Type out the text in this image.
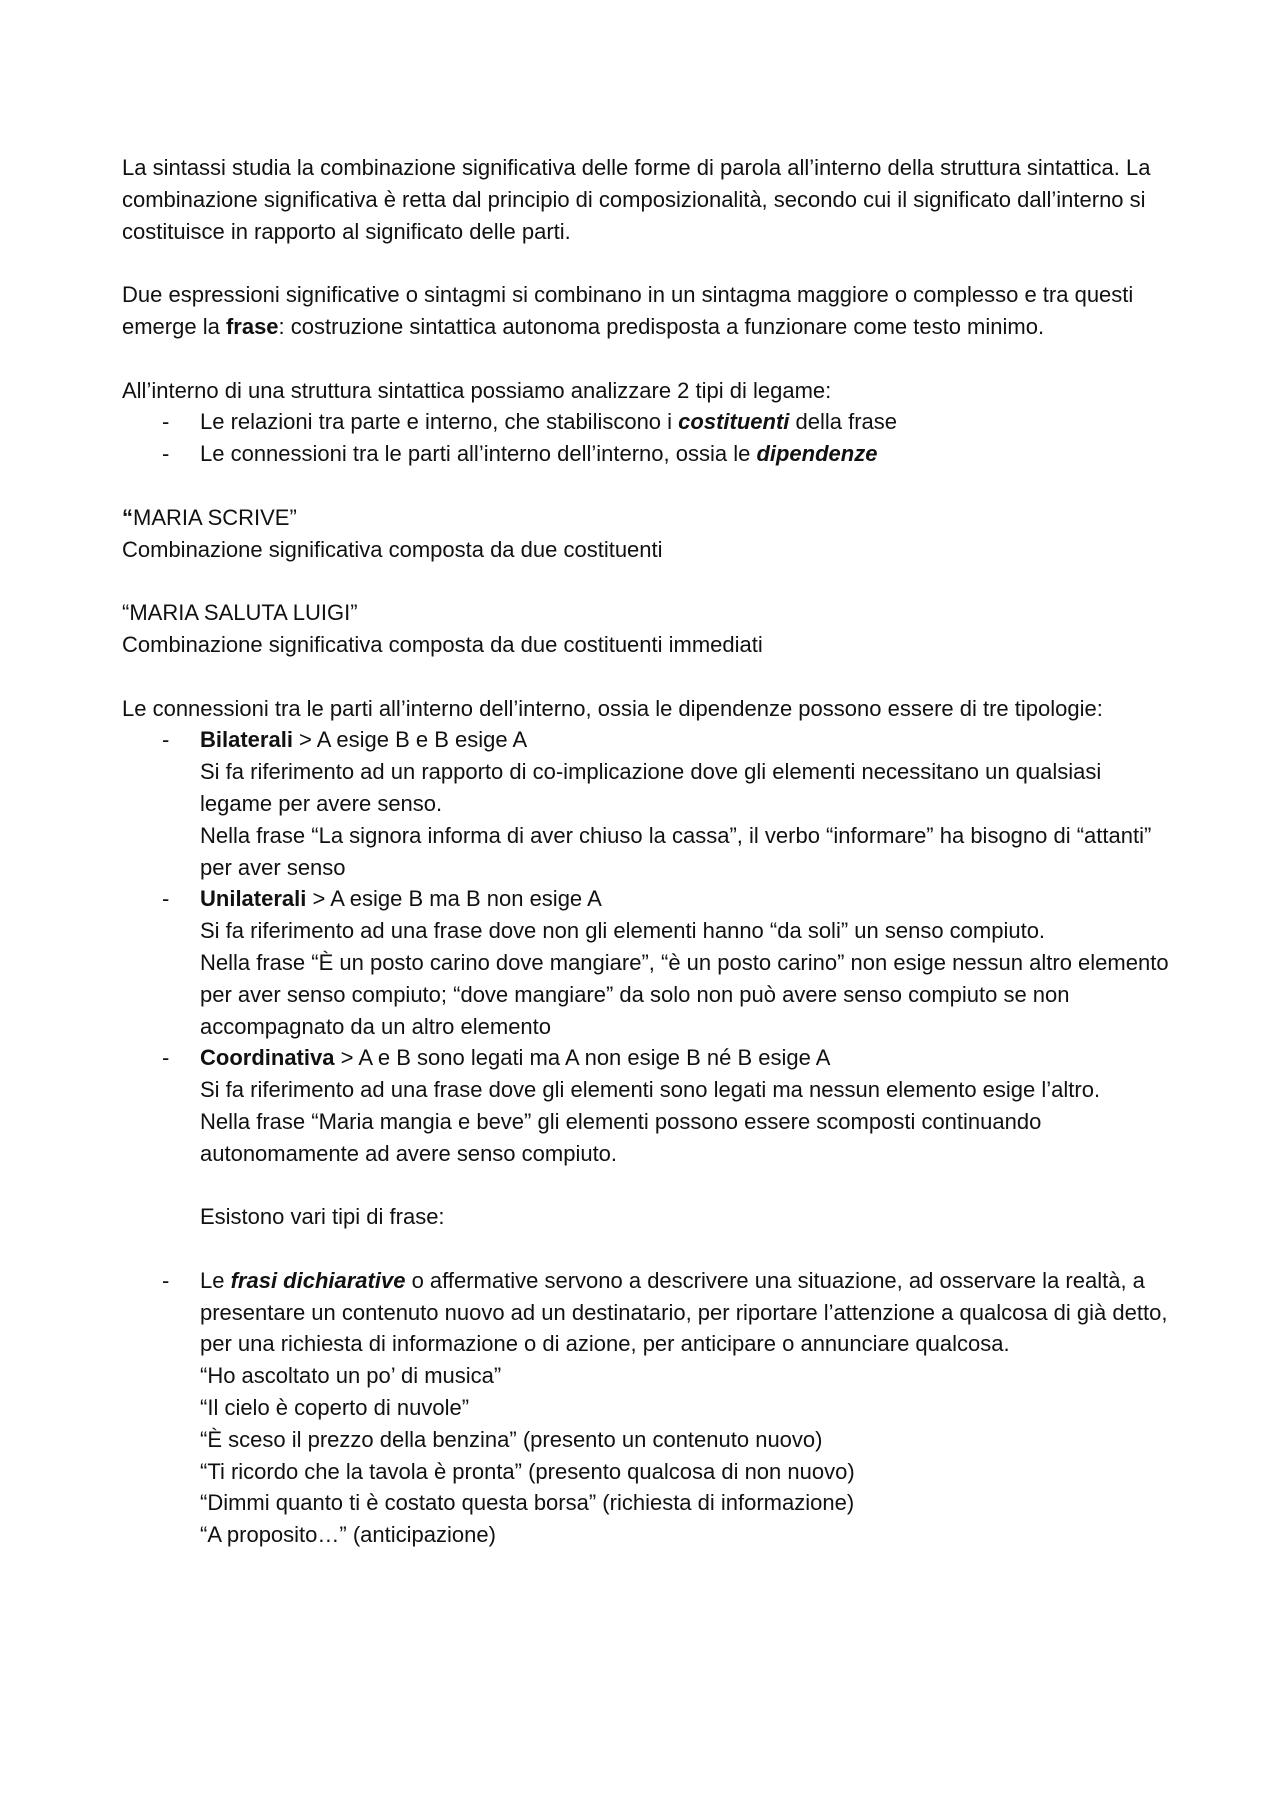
La sintassi studia la combinazione significativa delle forme di parola all’interno della struttura sintattica. La combinazione significativa è retta dal principio di composizionalità, secondo cui il significato dall’interno si costituisce in rapporto al significato delle parti.

Due espressioni significative o sintagmi si combinano in un sintagma maggiore o complesso e tra questi emerge la frase: costruzione sintattica autonoma predisposta a funzionare come testo minimo.

All’interno di una struttura sintattica possiamo analizzare 2 tipi di legame:

- Le relazioni tra parte e interno, che stabiliscono i costituenti della frase
- Le connessioni tra le parti all’interno dell’interno, ossia le dipendenze

“MARIA SCRIVE”

Combinazione significativa composta da due costituenti

“MARIA SALUTA LUIGI”

Combinazione significativa composta da due costituenti immediati

Le connessioni tra le parti all’interno dell’interno, ossia le dipendenze possono essere di tre tipologie:

- Bilaterali > A esige B e B esige A
Si fa riferimento ad un rapporto di co-implicazione dove gli elementi necessitano un qualsiasi legame per avere senso.
Nella frase “La signora informa di aver chiuso la cassa”, il verbo “informare” ha bisogno di “attanti” per aver senso
- Unilaterali > A esige B ma B non esige A
Si fa riferimento ad una frase dove non gli elementi hanno “da soli” un senso compiuto.
Nella frase “È un posto carino dove mangiare”, “è un posto carino” non esige nessun altro elemento per aver senso compiuto; “dove mangiare” da solo non può avere senso compiuto se non accompagnato da un altro elemento
- Coordinativa > A e B sono legati ma A non esige B né B esige A
Si fa riferimento ad una frase dove gli elementi sono legati ma nessun elemento esige l’altro.
Nella frase “Maria mangia e beve” gli elementi possono essere scomposti continuando autonomamente ad avere senso compiuto.

Esistono vari tipi di frase:

- Le frasi dichiarative o affermative servono a descrivere una situazione, ad osservare la realtà, a presentare un contenuto nuovo ad un destinatario, per riportare l’attenzione a qualcosa di già detto, per una richiesta di informazione o di azione, per anticipare o annunciare qualcosa.
“Ho ascoltato un po’ di musica”
“Il cielo è coperto di nuvole”
“È sceso il prezzo della benzina” (presento un contenuto nuovo)
“Ti ricordo che la tavola è pronta” (presento qualcosa di non nuovo)
“Dimmi quanto ti è costato questa borsa” (richiesta di informazione)
“A proposito…” (anticipazione)
